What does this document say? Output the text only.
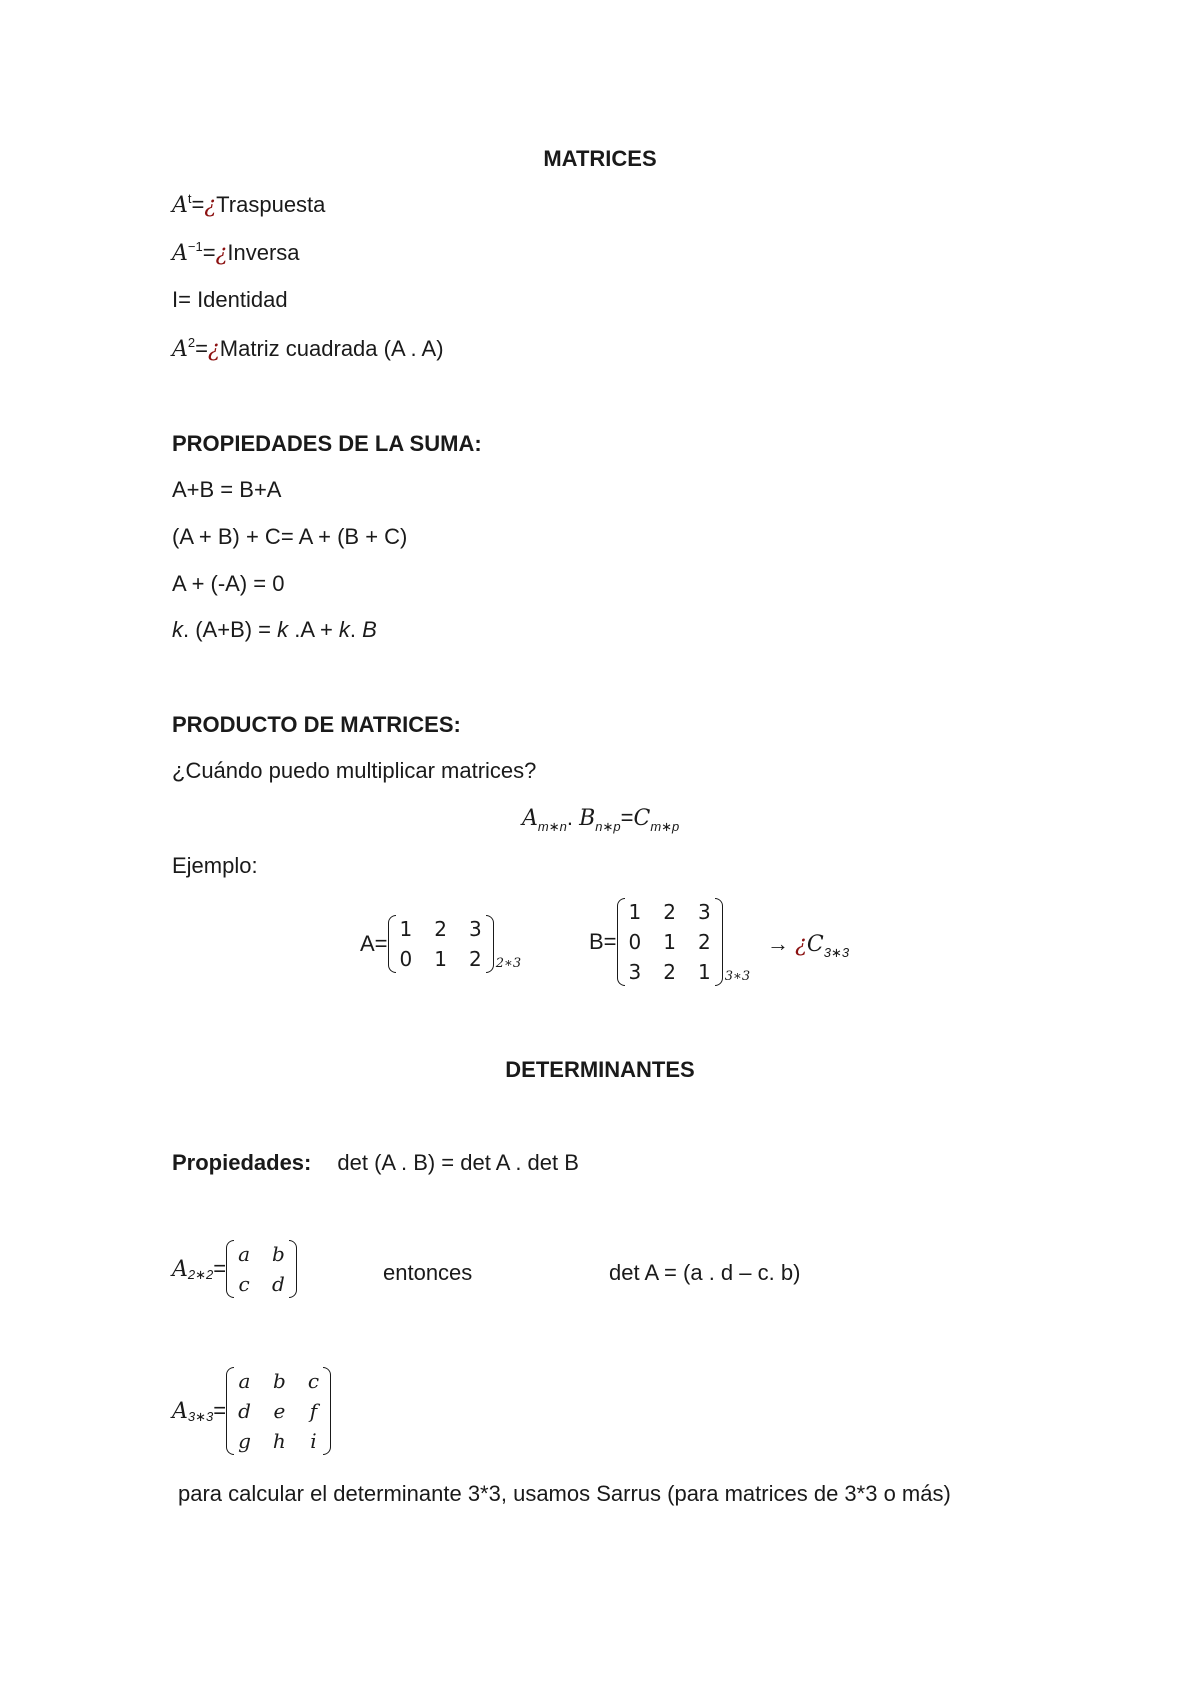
MATRICES
$A^t=¿Traspuesta$
$A^{-1}=¿Inversa$
I= Identidad
$A^2=¿Matriz$ cuadrada (A . A)
PROPIEDADES DE LA SUMA:
A+B = B+A
(A + B) + C= A + (B + C)
A + (-A) = 0
k. (A+B) = k .A + k. B
PRODUCTO DE MATRICES:
¿Cuándo puedo multiplicar matrices?
$A_{m∗n}$. $B_{n∗p}=C_{m∗p}$
Ejemplo:
A=
1 2 3
0 1 2 2∗3
B=
1 2 3
0 1 2
3 2 1 3∗3
→ ¿$C_{3∗3}$
DETERMINANTES
Propiedades: det (A . B) = det A . det B
A 2∗2 =
a b
c d	entonces	det A = (a . d – c. b)
A 3∗3 =
a b c
d e f
g h i
para calcular el determinante 3*3, usamos Sarrus (para matrices de 3*3 o más)
